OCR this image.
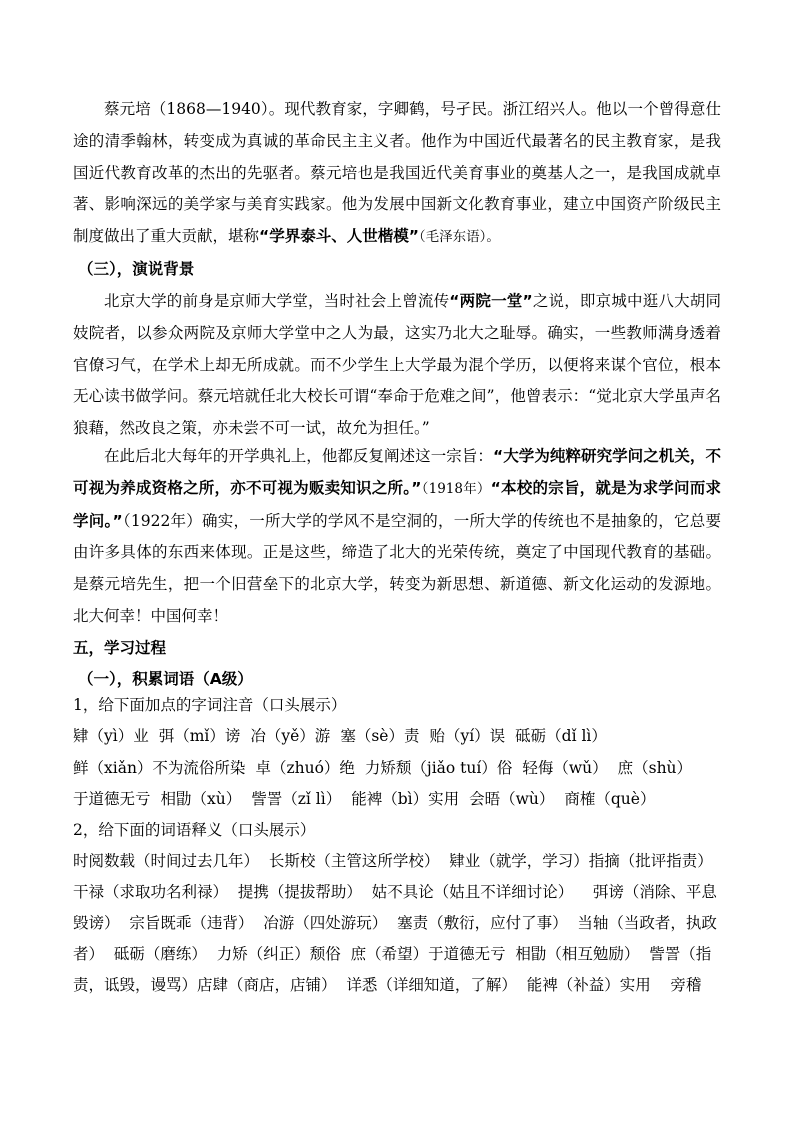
蔡元培（1868—1940）。现代教育家，字卿鹤，号孑民。浙江绍兴人。他以一个曾得意仕途的清季翰林，转变成为真诚的革命民主主义者。他作为中国近代最著名的民主教育家，是我国近代教育改革的杰出的先驱者。蔡元培也是我国近代美育事业的奠基人之一，是我国成就卓著、影响深远的美学家与美育实践家。他为发展中国新文化教育事业，建立中国资产阶级民主制度做出了重大贡献，堪称“学界泰斗、人世楷模”（毛泽东语）。

（三），演说背景

北京大学的前身是京师大学堂，当时社会上曾流传“两院一堂”之说，即京城中逛八大胡同妓院者，以参众两院及京师大学堂中之人为最，这实乃北大之耻辱。确实，一些教师满身透着官僚习气，在学术上却无所成就。而不少学生上大学最为混个学历，以便将来谋个官位，根本无心读书做学问。蔡元培就任北大校长可谓“奉命于危难之间”，他曾表示：“觉北京大学虽声名狼藉，然改良之策，亦未尝不可一试，故允为担任。”

在此后北大每年的开学典礼上，他都反复阐述这一宗旨：“大学为纯粹研究学问之机关，不可视为养成资格之所，亦不可视为贩卖知识之所。”（1918年）“本校的宗旨，就是为求学问而求学问。”（1922年）确实，一所大学的学风不是空洞的，一所大学的传统也不是抽象的，它总要由许多具体的东西来体现。正是这些，缔造了北大的光荣传统，奠定了中国现代教育的基础。是蔡元培先生，把一个旧营垒下的北京大学，转变为新思想、新道德、新文化运动的发源地。北大何幸！中国何幸！

五，学习过程

（一），积累词语（A级）

1，给下面加点的字词注音（口头展示）

肄（yì）业 弭（mǐ）谤 冶（yě）游 塞（sè）责 贻（yí）误 砥砺（dǐ lì）

鲜（xiǎn）不为流俗所染 卓（zhuó）绝 力矫颓（jiǎo tuí）俗 轻侮（wǔ） 庶（shù）

于道德无亏 相勖（xù） 訾詈（zǐ lì） 能裨（bì）实用 会晤（wù） 商榷（què）

2，给下面的词语释义（口头展示）

时阅数载（时间过去几年）  长斯校（主管这所学校）  肄业（就学，学习）指摘（批评指责）

干禄（求取功名利禄）  提携（提拔帮助）  姑不具论（姑且不详细讨论）    弭谤（消除、平息

毁谤）  宗旨既乖（违背）  冶游（四处游玩）  塞责（敷衍，应付了事）  当轴（当政者，执政

者）  砥砺（磨练）  力矫（纠正）颓俗  庶（希望）于道德无亏  相勖（相互勉励）  訾詈（指

责，诋毁，谩骂）店肆（商店，店铺）  详悉（详细知道，了解）  能裨（补益）实用    旁稽
